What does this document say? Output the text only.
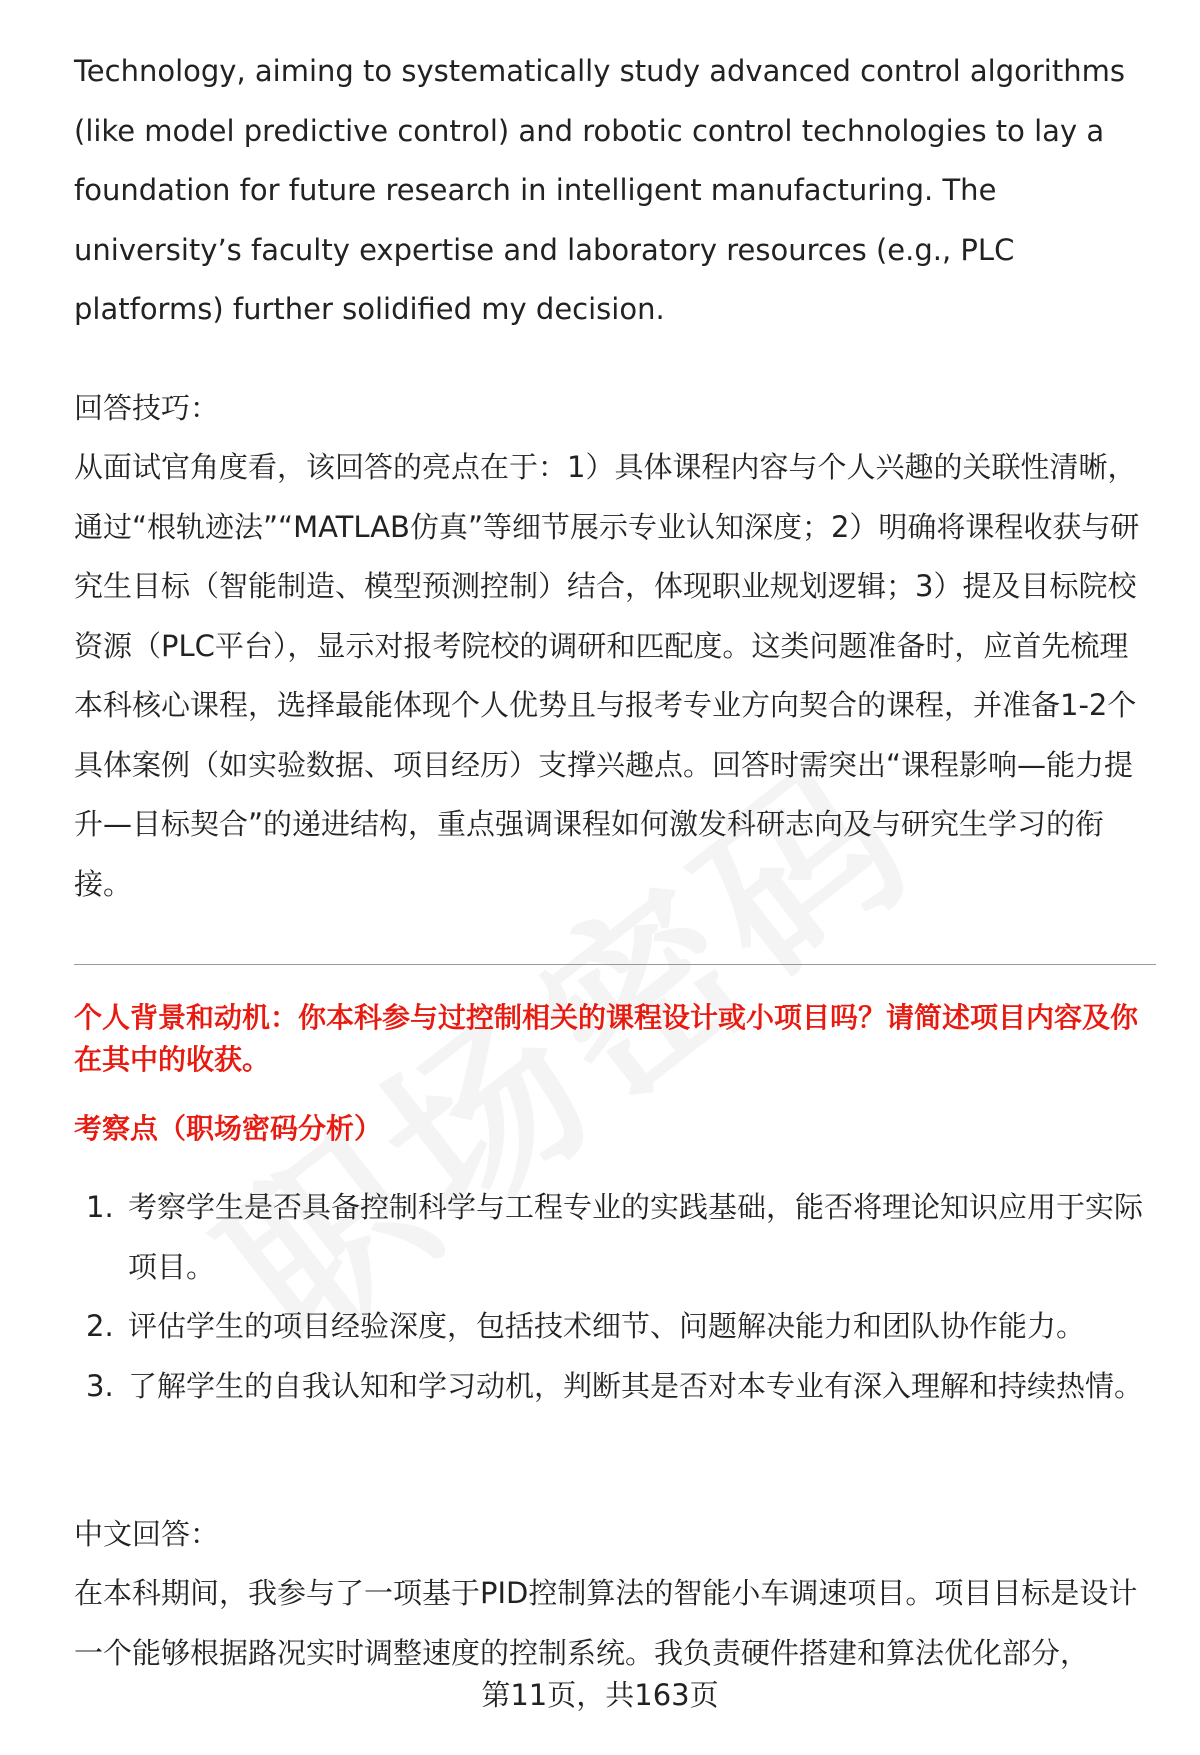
Technology, aiming to systematically study advanced control algorithms (like model predictive control) and robotic control technologies to lay a foundation for future research in intelligent manufacturing. The university’s faculty expertise and laboratory resources (e.g., PLC platforms) further solidified my decision.

回答技巧：

从面试官角度看，该回答的亮点在于：1）具体课程内容与个人兴趣的关联性清晰，通过“根轨迹法”“MATLAB仿真”等细节展示专业认知深度；2）明确将课程收获与研究生目标（智能制造、模型预测控制）结合，体现职业规划逻辑；3）提及目标院校资源（PLC平台），显示对报考院校的调研和匹配度。这类问题准备时，应首先梳理本科核心课程，选择最能体现个人优势且与报考专业方向契合的课程，并准备1-2个具体案例（如实验数据、项目经历）支撑兴趣点。回答时需突出“课程影响—能力提升—目标契合”的递进结构，重点强调课程如何激发科研志向及与研究生学习的衔接。

个人背景和动机：你本科参与过控制相关的课程设计或小项目吗？请简述项目内容及你在其中的收获。

考察点（职场密码分析）

1. 考察学生是否具备控制科学与工程专业的实践基础，能否将理论知识应用于实际项目。
2. 评估学生的项目经验深度，包括技术细节、问题解决能力和团队协作能力。
3. 了解学生的自我认知和学习动机，判断其是否对本专业有深入理解和持续热情。

中文回答：

在本科期间，我参与了一项基于PID控制算法的智能小车调速项目。项目目标是设计一个能够根据路况实时调整速度的控制系统。我负责硬件搭建和算法优化部分，

第11页，共163页
